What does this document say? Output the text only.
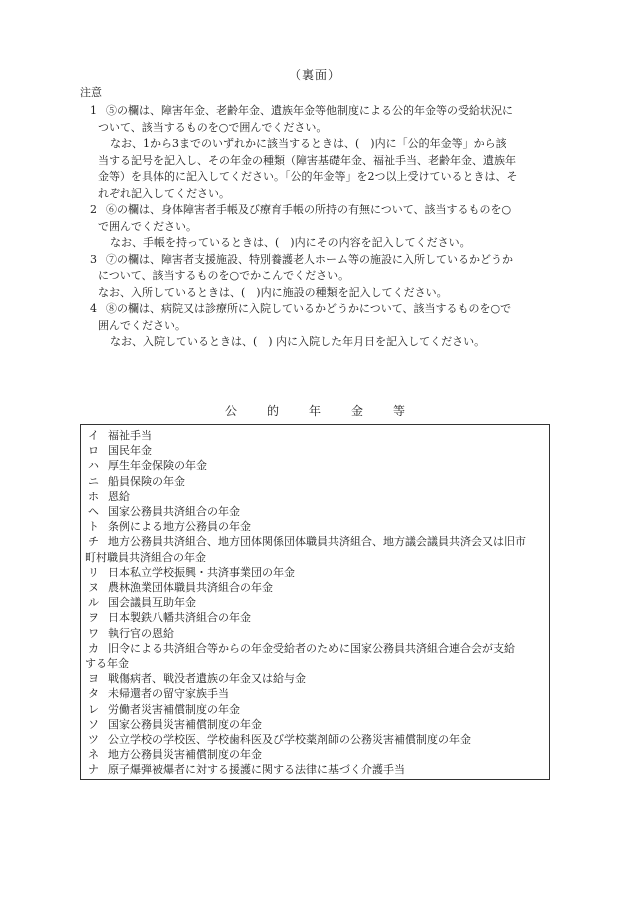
（裏面）
注意
1 ⑤の欄は、障害年金、老齢年金、遺族年金等他制度による公的年金等の受給状況に
ついて、該当するものを○で囲んでください。
なお、1から3までのいずれかに該当するときは、(　)内に「公的年金等」から該
当する記号を記入し、その年金の種類（障害基礎年金、福祉手当、老齢年金、遺族年
金等）を具体的に記入してください。「公的年金等」を2つ以上受けているときは、そ
れぞれ記入してください。
2 ⑥の欄は、身体障害者手帳及び療育手帳の所持の有無について、該当するものを○
で囲んでください。
なお、手帳を持っているときは、(　)内にその内容を記入してください。
3 ⑦の欄は、障害者支援施設、特別養護老人ホーム等の施設に入所しているかどうか
について、該当するものを○でかこんでください。
なお、入所しているときは、(　)内に施設の種類を記入してください。
4 ⑧の欄は、病院又は診療所に入院しているかどうかについて、該当するものを○で
囲んでください。
なお、入院しているときは、(　) 内に入院した年月日を記入してください。
公的年金等
イ 福祉手当
ロ 国民年金
ハ 厚生年金保険の年金
ニ 船員保険の年金
ホ 恩給
ヘ 国家公務員共済組合の年金
ト 条例による地方公務員の年金
チ 地方公務員共済組合、地方団体関係団体職員共済組合、地方議会議員共済会又は旧市
町村職員共済組合の年金
リ 日本私立学校振興・共済事業団の年金
ヌ 農林漁業団体職員共済組合の年金
ル 国会議員互助年金
ヲ 日本製鉄八幡共済組合の年金
ワ 執行官の恩給
カ 旧令による共済組合等からの年金受給者のために国家公務員共済組合連合会が支給
する年金
ヨ 戦傷病者、戦没者遺族の年金又は給与金
タ 未帰還者の留守家族手当
レ 労働者災害補償制度の年金
ソ 国家公務員災害補償制度の年金
ツ 公立学校の学校医、学校歯科医及び学校薬剤師の公務災害補償制度の年金
ネ 地方公務員災害補償制度の年金
ナ 原子爆弾被爆者に対する援護に関する法律に基づく介護手当
